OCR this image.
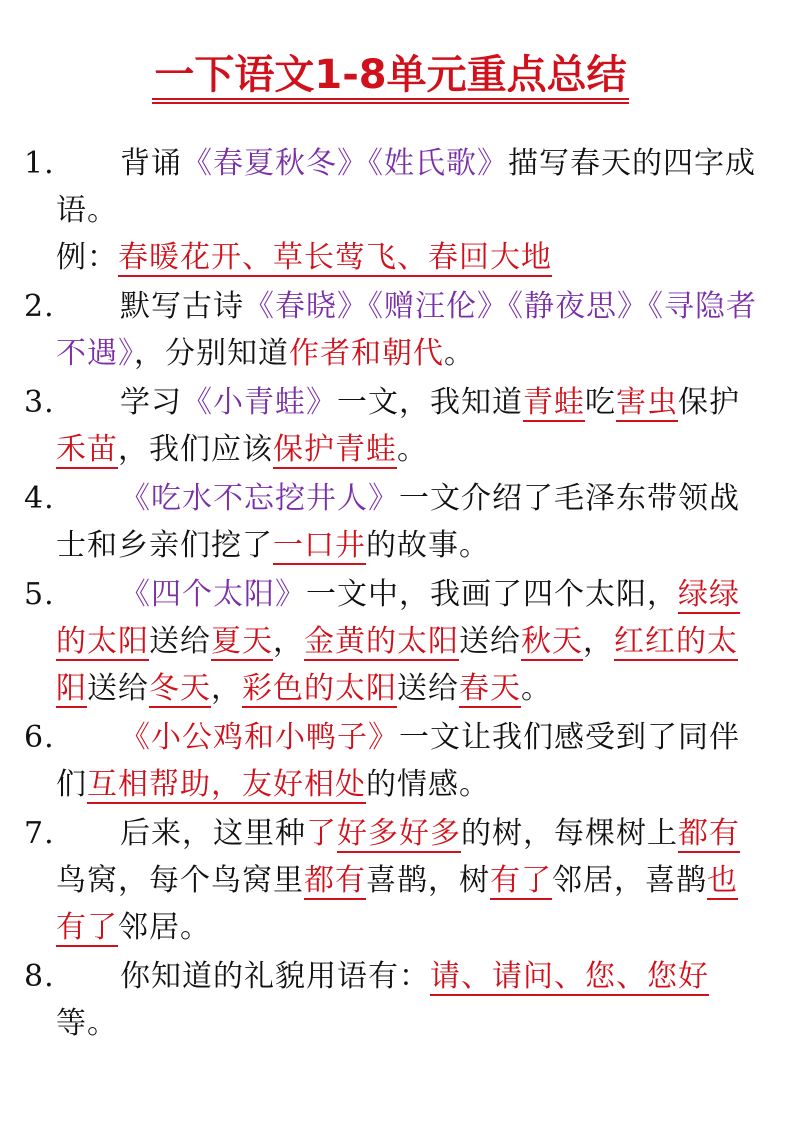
一下语文1-8单元重点总结
1.	背诵《春夏秋冬》《姓氏歌》描写春天的四字成语。
例：春暖花开、草长莺飞、春回大地
2.	默写古诗《春晓》《赠汪伦》《静夜思》《寻隐者不遇》，分别知道作者和朝代。
3.	学习《小青蛙》一文，我知道青蛙吃害虫保护禾苗，我们应该保护青蛙。
4.	《吃水不忘挖井人》一文介绍了毛泽东带领战士和乡亲们挖了一口井的故事。
5.	《四个太阳》一文中，我画了四个太阳，绿绿的太阳送给夏天，金黄的太阳送给秋天，红红的太阳送给冬天，彩色的太阳送给春天。
6.	《小公鸡和小鸭子》一文让我们感受到了同伴们互相帮助，友好相处的情感。
7.	后来，这里种了好多好多的树，每棵树上都有鸟窝，每个鸟窝里都有喜鹊，树有了邻居，喜鹊也有了邻居。
8.	你知道的礼貌用语有：请、请问、您、您好等。
